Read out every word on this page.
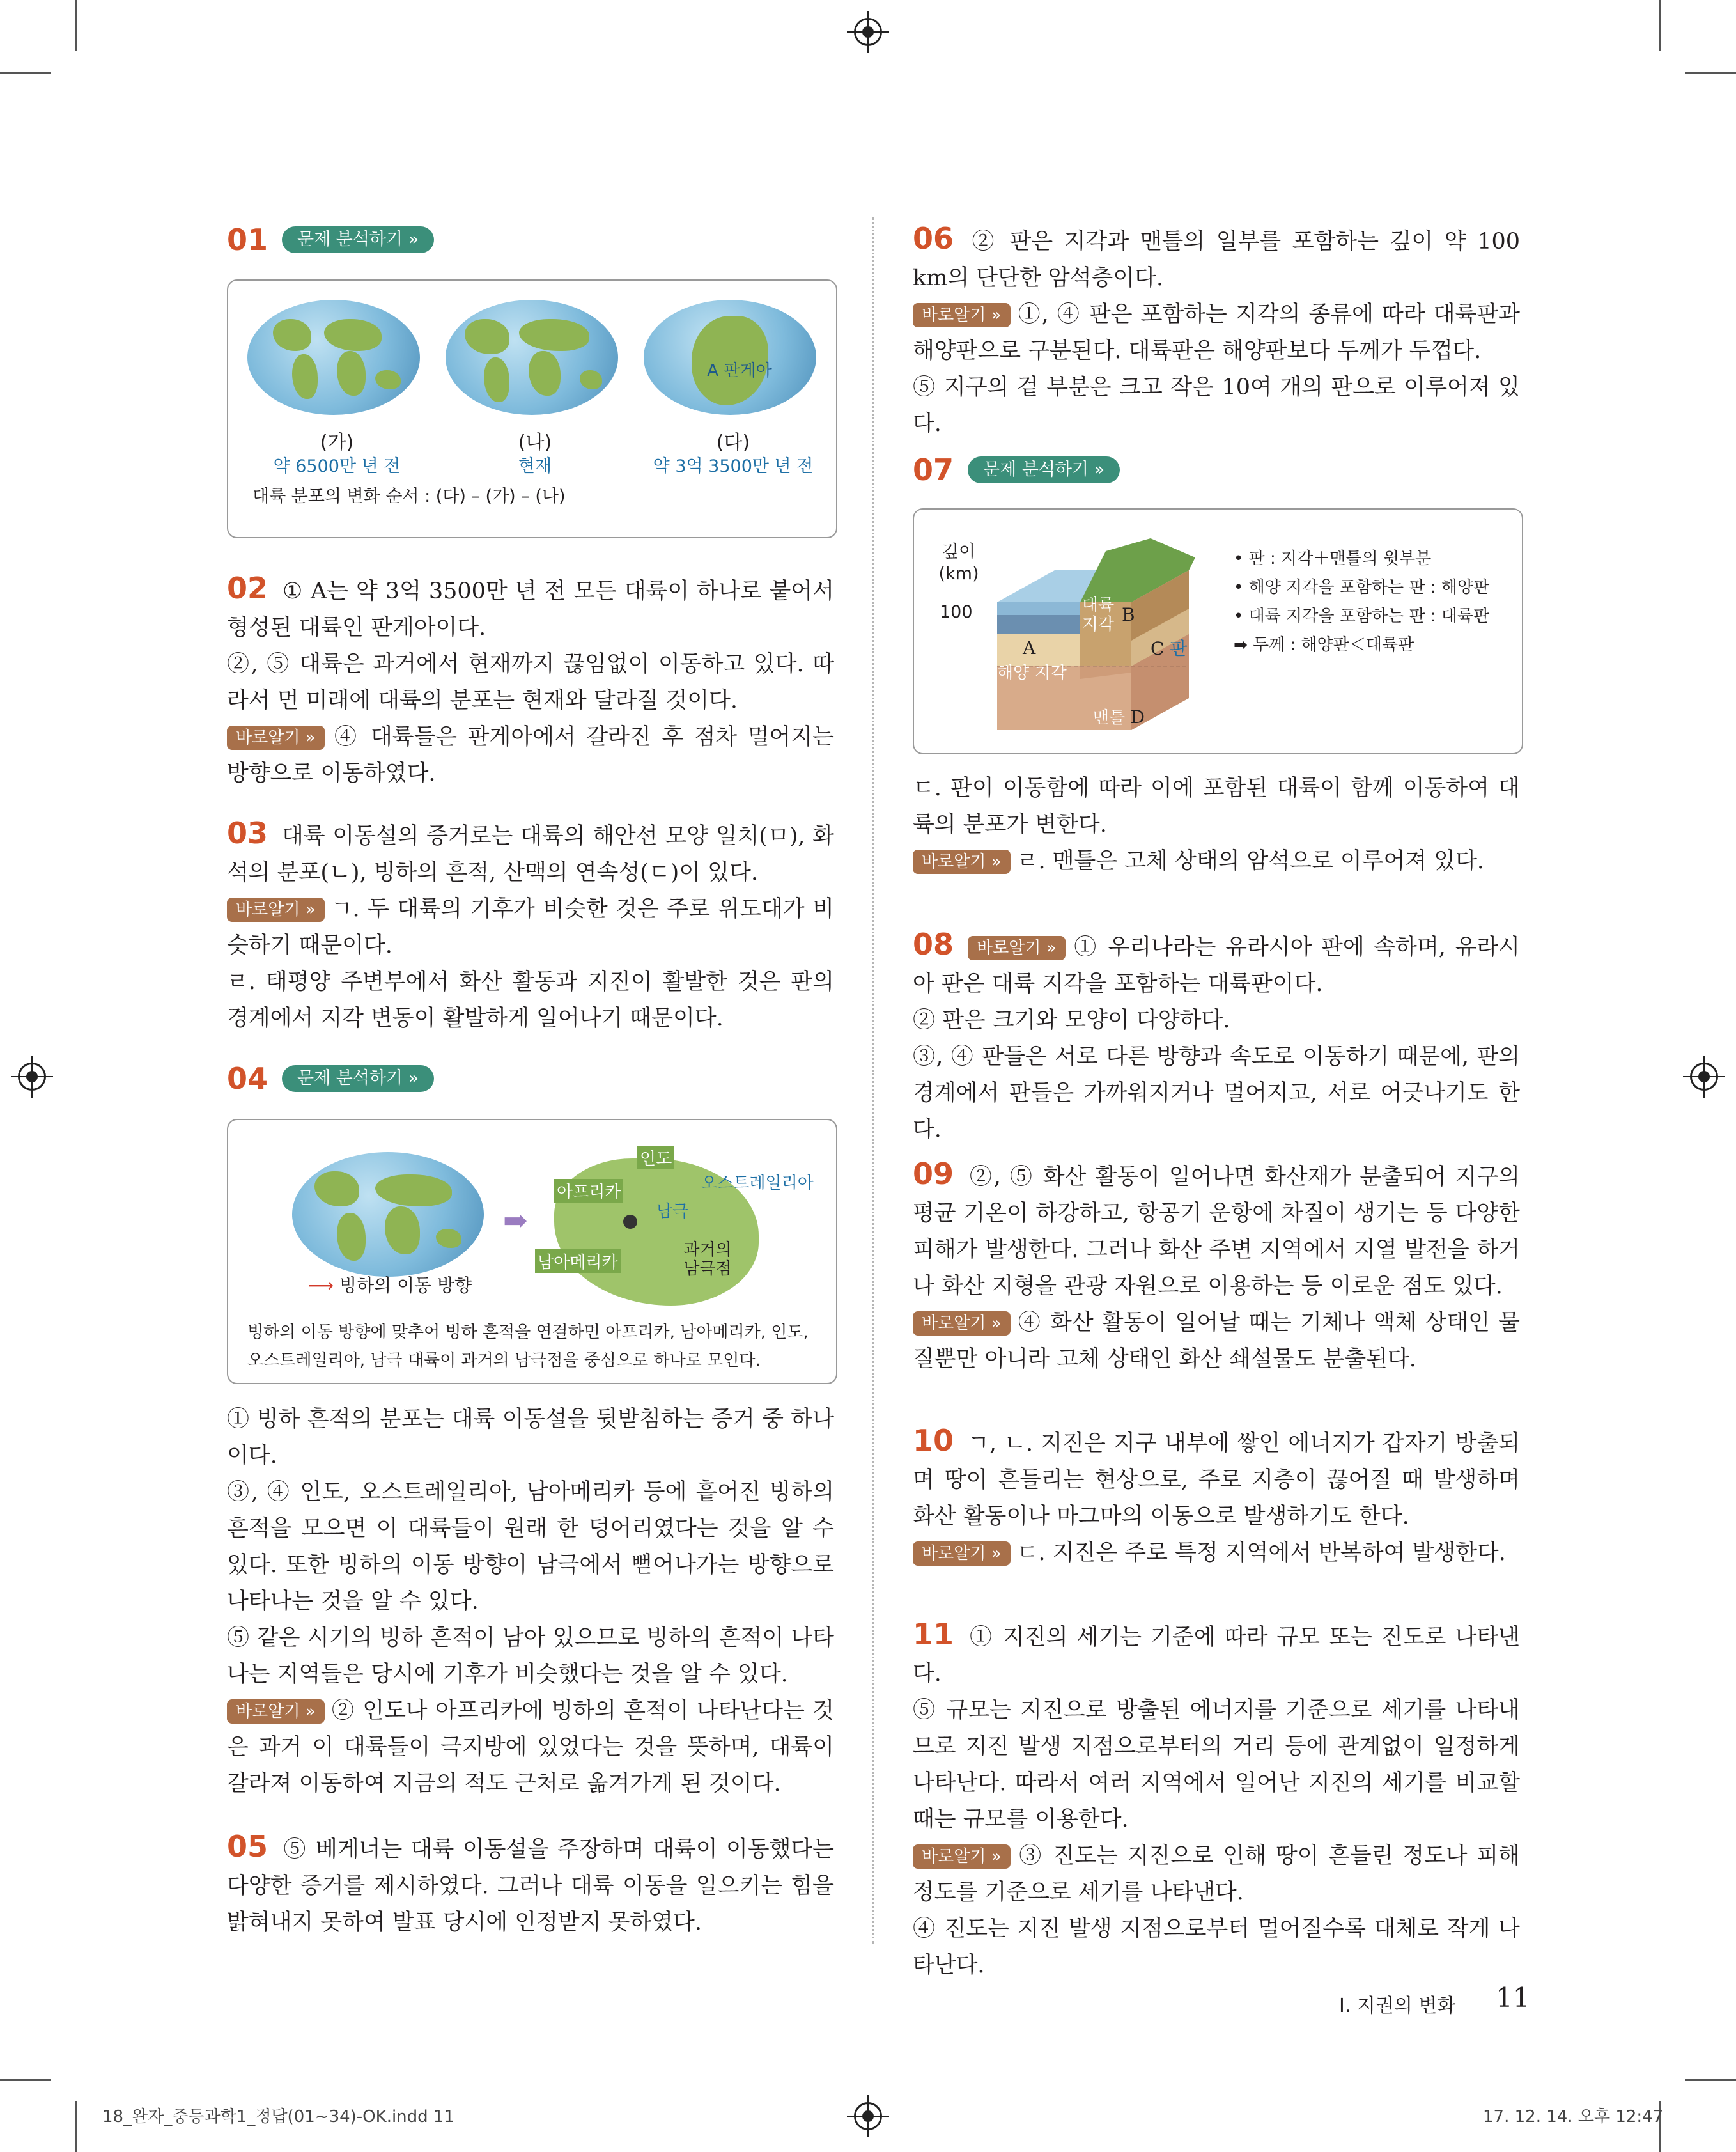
01	문제 분석하기 »
A 판게아
(가)
약 6500만 년 전
(나)
현재
(다)
약 3억 3500만 년 전
대륙 분포의 변화 순서 : (다) – (가) – (나)

02 ① A는 약 3억 3500만 년 전 모든 대륙이 하나로 붙어서 형성된 대륙인 판게아이다.

②, ⑤ 대륙은 과거에서 현재까지 끊임없이 이동하고 있다. 따라서 먼 미래에 대륙의 분포는 현재와 달라질 것이다.

바로알기 » ④ 대륙들은 판게아에서 갈라진 후 점차 멀어지는 방향으로 이동하였다.

03 대륙 이동설의 증거로는 대륙의 해안선 모양 일치(ㅁ), 화석의 분포(ㄴ), 빙하의 흔적, 산맥의 연속성(ㄷ)이 있다.

바로알기 » ㄱ. 두 대륙의 기후가 비슷한 것은 주로 위도대가 비슷하기 때문이다.

ㄹ. 태평양 주변부에서 화산 활동과 지진이 활발한 것은 판의 경계에서 지각 변동이 활발하게 일어나기 때문이다.

04	문제 분석하기 »
➡
인도
오스트레일리아
아프리카
남극
남아메리카
과거의 남극점
⟶ 빙하의 이동 방향
빙하의 이동 방향에 맞추어 빙하 흔적을 연결하면 아프리카, 남아메리카, 인도, 오스트레일리아, 남극 대륙이 과거의 남극점을 중심으로 하나로 모인다.

① 빙하 흔적의 분포는 대륙 이동설을 뒷받침하는 증거 중 하나이다.

③, ④ 인도, 오스트레일리아, 남아메리카 등에 흩어진 빙하의 흔적을 모으면 이 대륙들이 원래 한 덩어리였다는 것을 알 수 있다. 또한 빙하의 이동 방향이 남극에서 뻗어나가는 방향으로 나타나는 것을 알 수 있다.

⑤ 같은 시기의 빙하 흔적이 남아 있으므로 빙하의 흔적이 나타나는 지역들은 당시에 기후가 비슷했다는 것을 알 수 있다.

바로알기 » ② 인도나 아프리카에 빙하의 흔적이 나타난다는 것은 과거 이 대륙들이 극지방에 있었다는 것을 뜻하며, 대륙이 갈라져 이동하여 지금의 적도 근처로 옮겨가게 된 것이다.

05 ⑤ 베게너는 대륙 이동설을 주장하며 대륙이 이동했다는 다양한 증거를 제시하였다. 그러나 대륙 이동을 일으키는 힘을 밝혀내지 못하여 발표 당시에 인정받지 못하였다.

06 ② 판은 지각과 맨틀의 일부를 포함하는 깊이 약 100 km의 단단한 암석층이다.

바로알기 » ①, ④ 판은 포함하는 지각의 종류에 따라 대륙판과 해양판으로 구분된다. 대륙판은 해양판보다 두께가 두껍다.

⑤ 지구의 겉 부분은 크고 작은 10여 개의 판으로 이루어져 있다.

07	문제 분석하기 »
깊이 (km)
100	대륙 지각 B
A
해양 지각
C 판
맨틀 D
• 판 : 지각＋맨틀의 윗부분
• 해양 지각을 포함하는 판 : 해양판
• 대륙 지각을 포함하는 판 : 대륙판
➡ 두께 : 해양판＜대륙판

ㄷ. 판이 이동함에 따라 이에 포함된 대륙이 함께 이동하여 대륙의 분포가 변한다.

바로알기 » ㄹ. 맨틀은 고체 상태의 암석으로 이루어져 있다.

08 바로알기 » ① 우리나라는 유라시아 판에 속하며, 유라시아 판은 대륙 지각을 포함하는 대륙판이다.

② 판은 크기와 모양이 다양하다.

③, ④ 판들은 서로 다른 방향과 속도로 이동하기 때문에, 판의 경계에서 판들은 가까워지거나 멀어지고, 서로 어긋나기도 한다.

09 ②, ⑤ 화산 활동이 일어나면 화산재가 분출되어 지구의 평균 기온이 하강하고, 항공기 운항에 차질이 생기는 등 다양한 피해가 발생한다. 그러나 화산 주변 지역에서 지열 발전을 하거나 화산 지형을 관광 자원으로 이용하는 등 이로운 점도 있다.

바로알기 » ④ 화산 활동이 일어날 때는 기체나 액체 상태인 물질뿐만 아니라 고체 상태인 화산 쇄설물도 분출된다.

10 ㄱ, ㄴ. 지진은 지구 내부에 쌓인 에너지가 갑자기 방출되며 땅이 흔들리는 현상으로, 주로 지층이 끊어질 때 발생하며 화산 활동이나 마그마의 이동으로 발생하기도 한다.

바로알기 » ㄷ. 지진은 주로 특정 지역에서 반복하여 발생한다.

11 ① 지진의 세기는 기준에 따라 규모 또는 진도로 나타낸다.

⑤ 규모는 지진으로 방출된 에너지를 기준으로 세기를 나타내므로 지진 발생 지점으로부터의 거리 등에 관계없이 일정하게 나타난다. 따라서 여러 지역에서 일어난 지진의 세기를 비교할 때는 규모를 이용한다.

바로알기 » ③ 진도는 지진으로 인해 땅이 흔들린 정도나 피해 정도를 기준으로 세기를 나타낸다.

④ 진도는 지진 발생 지점으로부터 멀어질수록 대체로 작게 나타난다.

Ⅰ. 지권의 변화 11
18_완자_중등과학1_정답(01~34)-OK.indd 11	17. 12. 14. 오후 12:47
